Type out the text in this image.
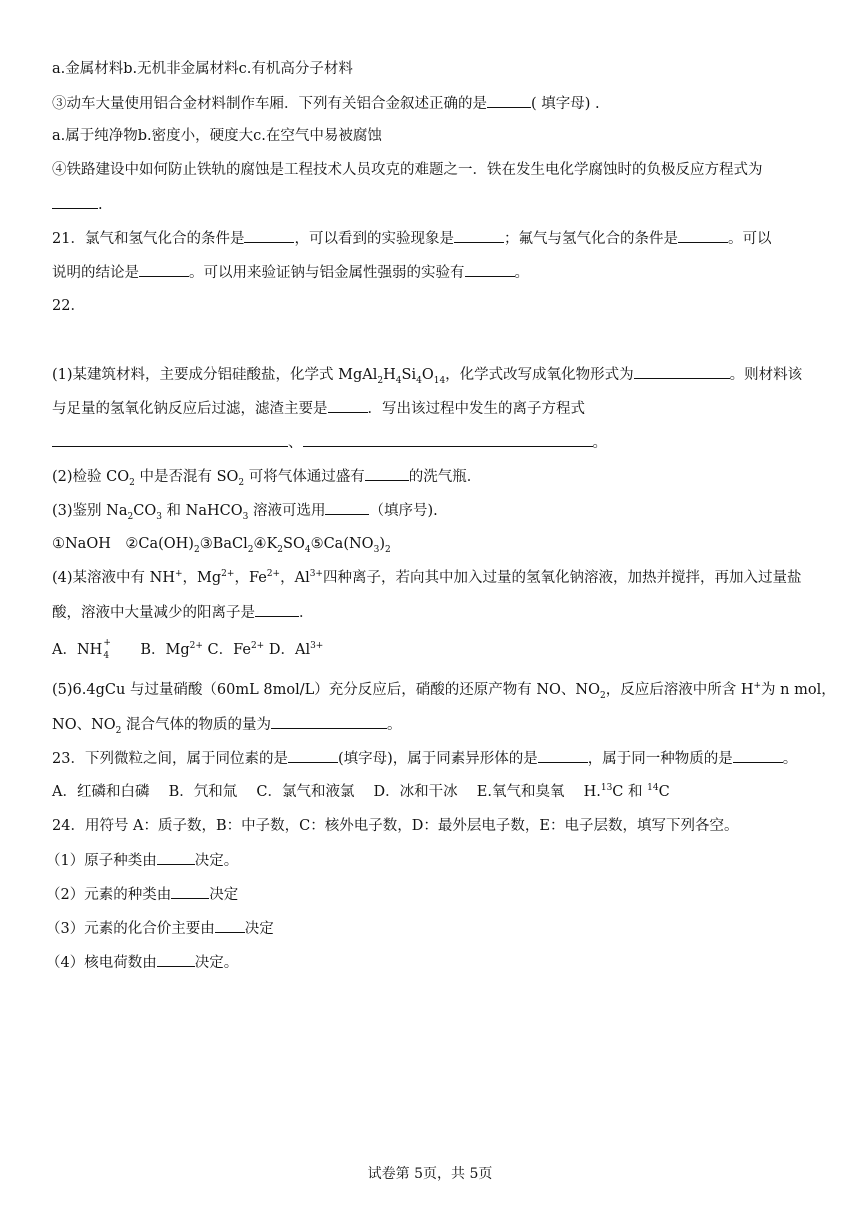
a.金属材料b.无机非金属材料c.有机高分子材料
③动车大量使用铝合金材料制作车厢．下列有关铝合金叙述正确的是	( 填字母) .
a.属于纯净物b.密度小，硬度大c.在空气中易被腐蚀
④铁路建设中如何防止铁轨的腐蚀是工程技术人员攻克的难题之一．铁在发生电化学腐蚀时的负极反应方程式为
.
21．氯气和氢气化合的条件是	，可以看到的实验现象是	；氟气与氢气化合的条件是	。可以
说明的结论是	。可以用来验证钠与铝金属性强弱的实验有	。
22．
(1)某建筑材料，主要成分铝硅酸盐，化学式 $MgAl_2H_4Si_4O_{14}$，化学式改写成氧化物形式为	。则材料该
与足量的氢氧化钠反应后过滤，滤渣主要是	．写出该过程中发生的离子方程式
、	。
(2)检验 $CO_2$ 中是否混有 $SO_2$ 可将气体通过盛有	的洗气瓶．
(3)鉴别 $Na_2CO_3$ 和 NaHCO$_3$ 溶液可选用	（填序号).
①NaOH　$②Ca(OH)_2③BaCl_2④K_2SO_4⑤Ca(NO_3)_2$
(4)某溶液中有 NH+，$Mg^{2+}$，$Fe^{2+}$，$Al^{3+}$四种离子，若向其中加入过量的氢氧化钠溶液，加热并搅拌，再加入过量盐
酸，溶液中大量减少的阳离子是	．
A．NH +
4 B．$Mg^{2+}$ C．$Fe^{2+}$ D．$Al^{3+}$
(5)6.4gCu 与过量硝酸（60mL 8mol/L）充分反应后，硝酸的还原产物有 NO、$NO_2$，反应后溶液中所含 H+为 n mol，
NO、$NO_2$ 混合气体的物质的量为	。
23．下列微粒之间，属于同位素的是	(填字母)，属于同素异形体的是	，属于同一种物质的是	。
A．红磷和白磷　 B．氕和氚　 C．氯气和液氯　 D．冰和干冰　 E.氧气和臭氧　 H.$^{13}$C 和 $^{14}$C
24．用符号 A：质子数，B：中子数，C：核外电子数，D：最外层电子数，E：电子层数，填写下列各空。
（1）原子种类由	决定。
（2）元素的种类由	决定
（3）元素的化合价主要由 决定
（4）核电荷数由	决定。
试卷第 5页，共 5页
